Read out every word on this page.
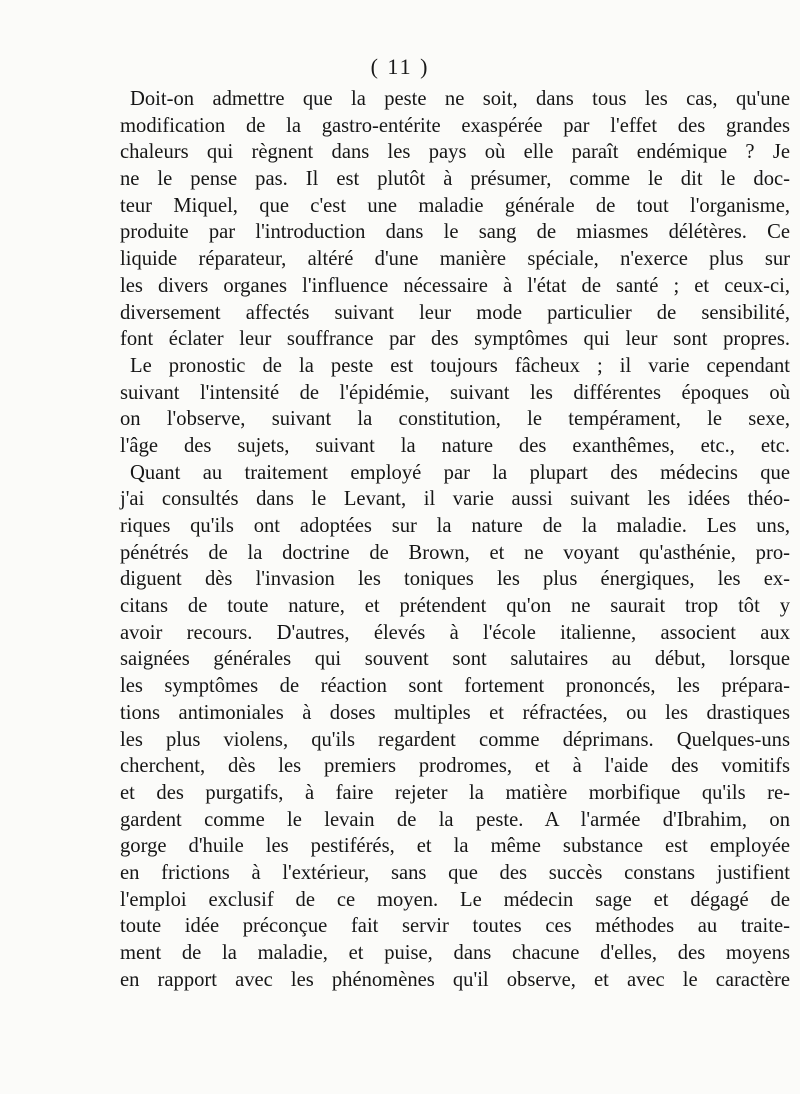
( 11 )
Doit-on admettre que la peste ne soit, dans tous les cas, qu'une
modification de la gastro-entérite exaspérée par l'effet des grandes
chaleurs qui règnent dans les pays où elle paraît endémique ? Je
ne le pense pas. Il est plutôt à présumer, comme le dit le doc-
teur Miquel, que c'est une maladie générale de tout l'organisme,
produite par l'introduction dans le sang de miasmes délétères. Ce
liquide réparateur, altéré d'une manière spéciale, n'exerce plus sur
les divers organes l'influence nécessaire à l'état de santé ; et ceux-ci,
diversement affectés suivant leur mode particulier de sensibilité,
font éclater leur souffrance par des symptômes qui leur sont propres.
Le pronostic de la peste est toujours fâcheux ; il varie cependant
suivant l'intensité de l'épidémie, suivant les différentes époques où
on l'observe, suivant la constitution, le tempérament, le sexe,
l'âge des sujets, suivant la nature des exanthêmes, etc., etc.
Quant au traitement employé par la plupart des médecins que
j'ai consultés dans le Levant, il varie aussi suivant les idées théo-
riques qu'ils ont adoptées sur la nature de la maladie. Les uns,
pénétrés de la doctrine de Brown, et ne voyant qu'asthénie, pro-
diguent dès l'invasion les toniques les plus énergiques, les ex-
citans de toute nature, et prétendent qu'on ne saurait trop tôt y
avoir recours. D'autres, élevés à l'école italienne, associent aux
saignées générales qui souvent sont salutaires au début, lorsque
les symptômes de réaction sont fortement prononcés, les prépara-
tions antimoniales à doses multiples et réfractées, ou les drastiques
les plus violens, qu'ils regardent comme déprimans. Quelques-uns
cherchent, dès les premiers prodromes, et à l'aide des vomitifs
et des purgatifs, à faire rejeter la matière morbifique qu'ils re-
gardent comme le levain de la peste. A l'armée d'Ibrahim, on
gorge d'huile les pestiférés, et la même substance est employée
en frictions à l'extérieur, sans que des succès constans justifient
l'emploi exclusif de ce moyen. Le médecin sage et dégagé de
toute idée préconçue fait servir toutes ces méthodes au traite-
ment de la maladie, et puise, dans chacune d'elles, des moyens
en rapport avec les phénomènes qu'il observe, et avec le caractère
